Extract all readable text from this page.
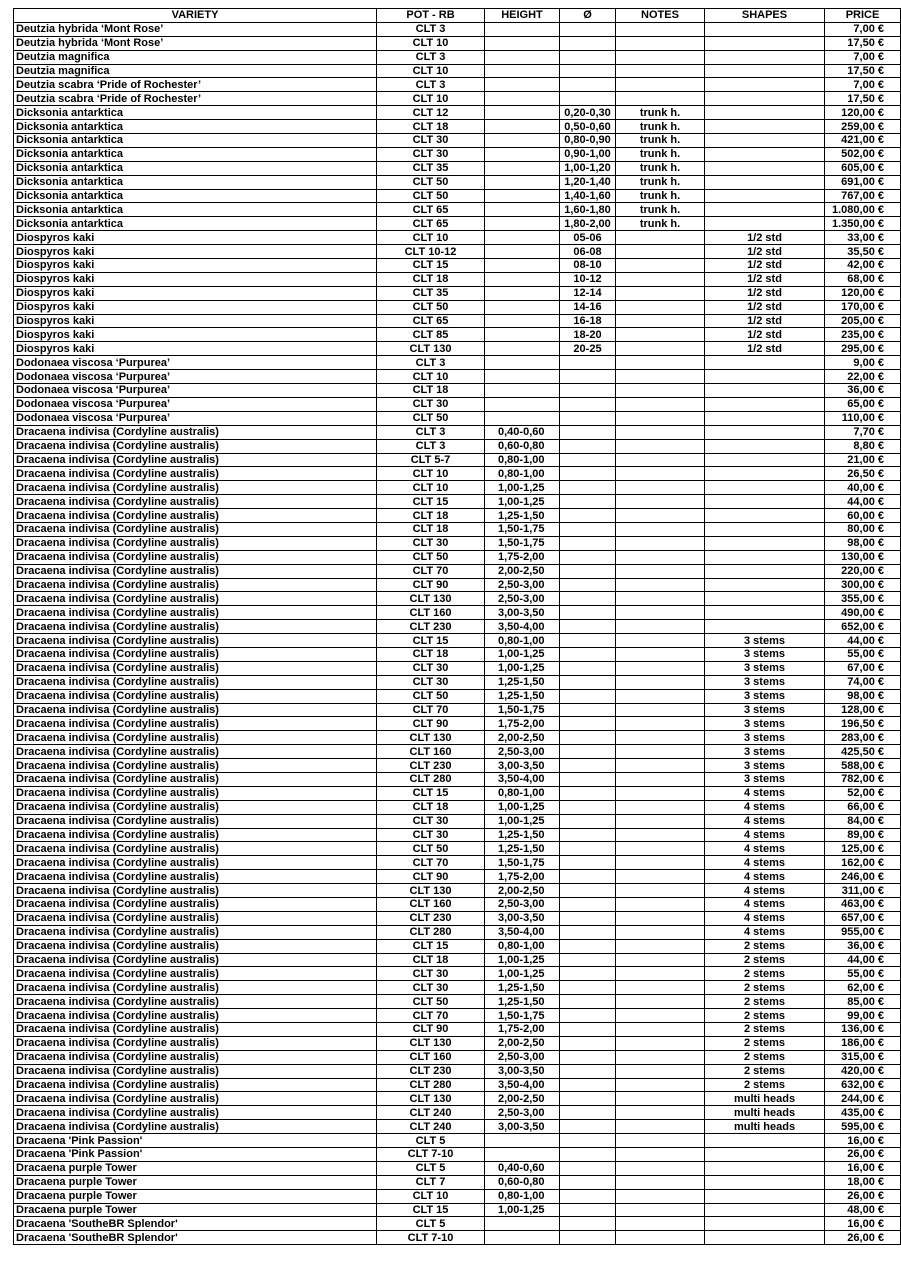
VARIETY	POT - RB	HEIGHT	Ø	NOTES	SHAPES	PRICE
Deutzia hybrida ‘Mont Rose’	CLT 3					7,00 €
Deutzia hybrida ‘Mont Rose’	CLT 10					17,50 €
Deutzia magnifica	CLT 3					7,00 €
Deutzia magnifica	CLT 10					17,50 €
Deutzia scabra ‘Pride of Rochester’	CLT 3					7,00 €
Deutzia scabra ‘Pride of Rochester’	CLT 10					17,50 €
Dicksonia antarktica	CLT 12		0,20-0,30	trunk h.		120,00 €
Dicksonia antarktica	CLT 18		0,50-0,60	trunk h.		259,00 €
Dicksonia antarktica	CLT 30		0,80-0,90	trunk h.		421,00 €
Dicksonia antarktica	CLT 30		0,90-1,00	trunk h.		502,00 €
Dicksonia antarktica	CLT 35		1,00-1,20	trunk h.		605,00 €
Dicksonia antarktica	CLT 50		1,20-1,40	trunk h.		691,00 €
Dicksonia antarktica	CLT 50		1,40-1,60	trunk h.		767,00 €
Dicksonia antarktica	CLT 65		1,60-1,80	trunk h.		1.080,00 €
Dicksonia antarktica	CLT 65		1,80-2,00	trunk h.		1.350,00 €
Diospyros kaki	CLT 10		05-06		1/2 std	33,00 €
Diospyros kaki	CLT 10-12		06-08		1/2 std	35,50 €
Diospyros kaki	CLT 15		08-10		1/2 std	42,00 €
Diospyros kaki	CLT 18		10-12		1/2 std	68,00 €
Diospyros kaki	CLT 35		12-14		1/2 std	120,00 €
Diospyros kaki	CLT 50		14-16		1/2 std	170,00 €
Diospyros kaki	CLT 65		16-18		1/2 std	205,00 €
Diospyros kaki	CLT 85		18-20		1/2 std	235,00 €
Diospyros kaki	CLT 130		20-25		1/2 std	295,00 €
Dodonaea viscosa ‘Purpurea’	CLT 3					9,00 €
Dodonaea viscosa ‘Purpurea’	CLT 10					22,00 €
Dodonaea viscosa ‘Purpurea’	CLT 18					36,00 €
Dodonaea viscosa ‘Purpurea’	CLT 30					65,00 €
Dodonaea viscosa ‘Purpurea’	CLT 50					110,00 €
Dracaena indivisa (Cordyline australis)	CLT 3	0,40-0,60				7,70 €
Dracaena indivisa (Cordyline australis)	CLT 3	0,60-0,80				8,80 €
Dracaena indivisa (Cordyline australis)	CLT 5-7	0,80-1,00				21,00 €
Dracaena indivisa (Cordyline australis)	CLT 10	0,80-1,00				26,50 €
Dracaena indivisa (Cordyline australis)	CLT 10	1,00-1,25				40,00 €
Dracaena indivisa (Cordyline australis)	CLT 15	1,00-1,25				44,00 €
Dracaena indivisa (Cordyline australis)	CLT 18	1,25-1,50				60,00 €
Dracaena indivisa (Cordyline australis)	CLT 18	1,50-1,75				80,00 €
Dracaena indivisa (Cordyline australis)	CLT 30	1,50-1,75				98,00 €
Dracaena indivisa (Cordyline australis)	CLT 50	1,75-2,00				130,00 €
Dracaena indivisa (Cordyline australis)	CLT 70	2,00-2,50				220,00 €
Dracaena indivisa (Cordyline australis)	CLT 90	2,50-3,00				300,00 €
Dracaena indivisa (Cordyline australis)	CLT 130	2,50-3,00				355,00 €
Dracaena indivisa (Cordyline australis)	CLT 160	3,00-3,50				490,00 €
Dracaena indivisa (Cordyline australis)	CLT 230	3,50-4,00				652,00 €
Dracaena indivisa (Cordyline australis)	CLT 15	0,80-1,00			3 stems	44,00 €
Dracaena indivisa (Cordyline australis)	CLT 18	1,00-1,25			3 stems	55,00 €
Dracaena indivisa (Cordyline australis)	CLT 30	1,00-1,25			3 stems	67,00 €
Dracaena indivisa (Cordyline australis)	CLT 30	1,25-1,50			3 stems	74,00 €
Dracaena indivisa (Cordyline australis)	CLT 50	1,25-1,50			3 stems	98,00 €
Dracaena indivisa (Cordyline australis)	CLT 70	1,50-1,75			3 stems	128,00 €
Dracaena indivisa (Cordyline australis)	CLT 90	1,75-2,00			3 stems	196,50 €
Dracaena indivisa (Cordyline australis)	CLT 130	2,00-2,50			3 stems	283,00 €
Dracaena indivisa (Cordyline australis)	CLT 160	2,50-3,00			3 stems	425,50 €
Dracaena indivisa (Cordyline australis)	CLT 230	3,00-3,50			3 stems	588,00 €
Dracaena indivisa (Cordyline australis)	CLT 280	3,50-4,00			3 stems	782,00 €
Dracaena indivisa (Cordyline australis)	CLT 15	0,80-1,00			4 stems	52,00 €
Dracaena indivisa (Cordyline australis)	CLT 18	1,00-1,25			4 stems	66,00 €
Dracaena indivisa (Cordyline australis)	CLT 30	1,00-1,25			4 stems	84,00 €
Dracaena indivisa (Cordyline australis)	CLT 30	1,25-1,50			4 stems	89,00 €
Dracaena indivisa (Cordyline australis)	CLT 50	1,25-1,50			4 stems	125,00 €
Dracaena indivisa (Cordyline australis)	CLT 70	1,50-1,75			4 stems	162,00 €
Dracaena indivisa (Cordyline australis)	CLT 90	1,75-2,00			4 stems	246,00 €
Dracaena indivisa (Cordyline australis)	CLT 130	2,00-2,50			4 stems	311,00 €
Dracaena indivisa (Cordyline australis)	CLT 160	2,50-3,00			4 stems	463,00 €
Dracaena indivisa (Cordyline australis)	CLT 230	3,00-3,50			4 stems	657,00 €
Dracaena indivisa (Cordyline australis)	CLT 280	3,50-4,00			4 stems	955,00 €
Dracaena indivisa (Cordyline australis)	CLT 15	0,80-1,00			2 stems	36,00 €
Dracaena indivisa (Cordyline australis)	CLT 18	1,00-1,25			2 stems	44,00 €
Dracaena indivisa (Cordyline australis)	CLT 30	1,00-1,25			2 stems	55,00 €
Dracaena indivisa (Cordyline australis)	CLT 30	1,25-1,50			2 stems	62,00 €
Dracaena indivisa (Cordyline australis)	CLT 50	1,25-1,50			2 stems	85,00 €
Dracaena indivisa (Cordyline australis)	CLT 70	1,50-1,75			2 stems	99,00 €
Dracaena indivisa (Cordyline australis)	CLT 90	1,75-2,00			2 stems	136,00 €
Dracaena indivisa (Cordyline australis)	CLT 130	2,00-2,50			2 stems	186,00 €
Dracaena indivisa (Cordyline australis)	CLT 160	2,50-3,00			2 stems	315,00 €
Dracaena indivisa (Cordyline australis)	CLT 230	3,00-3,50			2 stems	420,00 €
Dracaena indivisa (Cordyline australis)	CLT 280	3,50-4,00			2 stems	632,00 €
Dracaena indivisa (Cordyline australis)	CLT 130	2,00-2,50			multi heads	244,00 €
Dracaena indivisa (Cordyline australis)	CLT 240	2,50-3,00			multi heads	435,00 €
Dracaena indivisa (Cordyline australis)	CLT 240	3,00-3,50			multi heads	595,00 €
Dracaena 'Pink Passion'	CLT 5					16,00 €
Dracaena 'Pink Passion'	CLT 7-10					26,00 €
Dracaena purple Tower	CLT 5	0,40-0,60				16,00 €
Dracaena purple Tower	CLT 7	0,60-0,80				18,00 €
Dracaena purple Tower	CLT 10	0,80-1,00				26,00 €
Dracaena purple Tower	CLT 15	1,00-1,25				48,00 €
Dracaena 'SoutheBR Splendor'	CLT 5					16,00 €
Dracaena 'SoutheBR Splendor'	CLT 7-10					26,00 €
